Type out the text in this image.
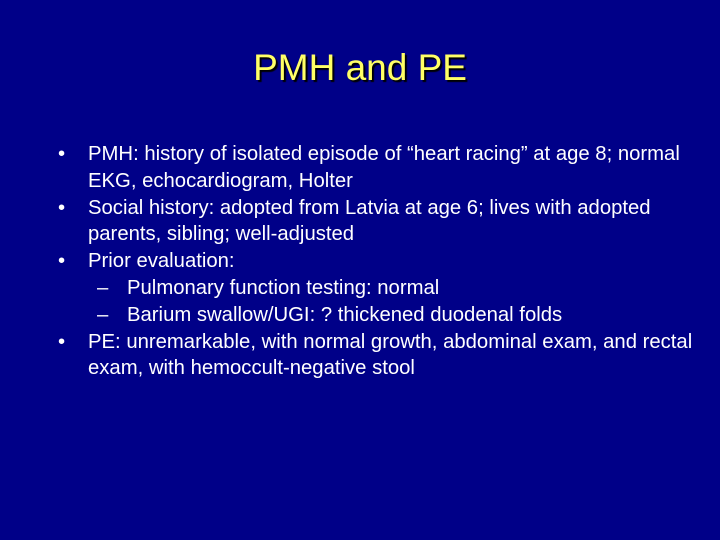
PMH and PE
•	PMH: history of isolated episode of “heart racing” at age 8; normal EKG, echocardiogram, Holter
•	Social history: adopted from Latvia at age 6; lives with adopted parents, sibling; well-adjusted
•	Prior evaluation:
– Pulmonary function testing: normal
– Barium swallow/UGI: ? thickened duodenal folds
•	PE: unremarkable, with normal growth, abdominal exam, and rectal exam, with hemoccult-negative stool
